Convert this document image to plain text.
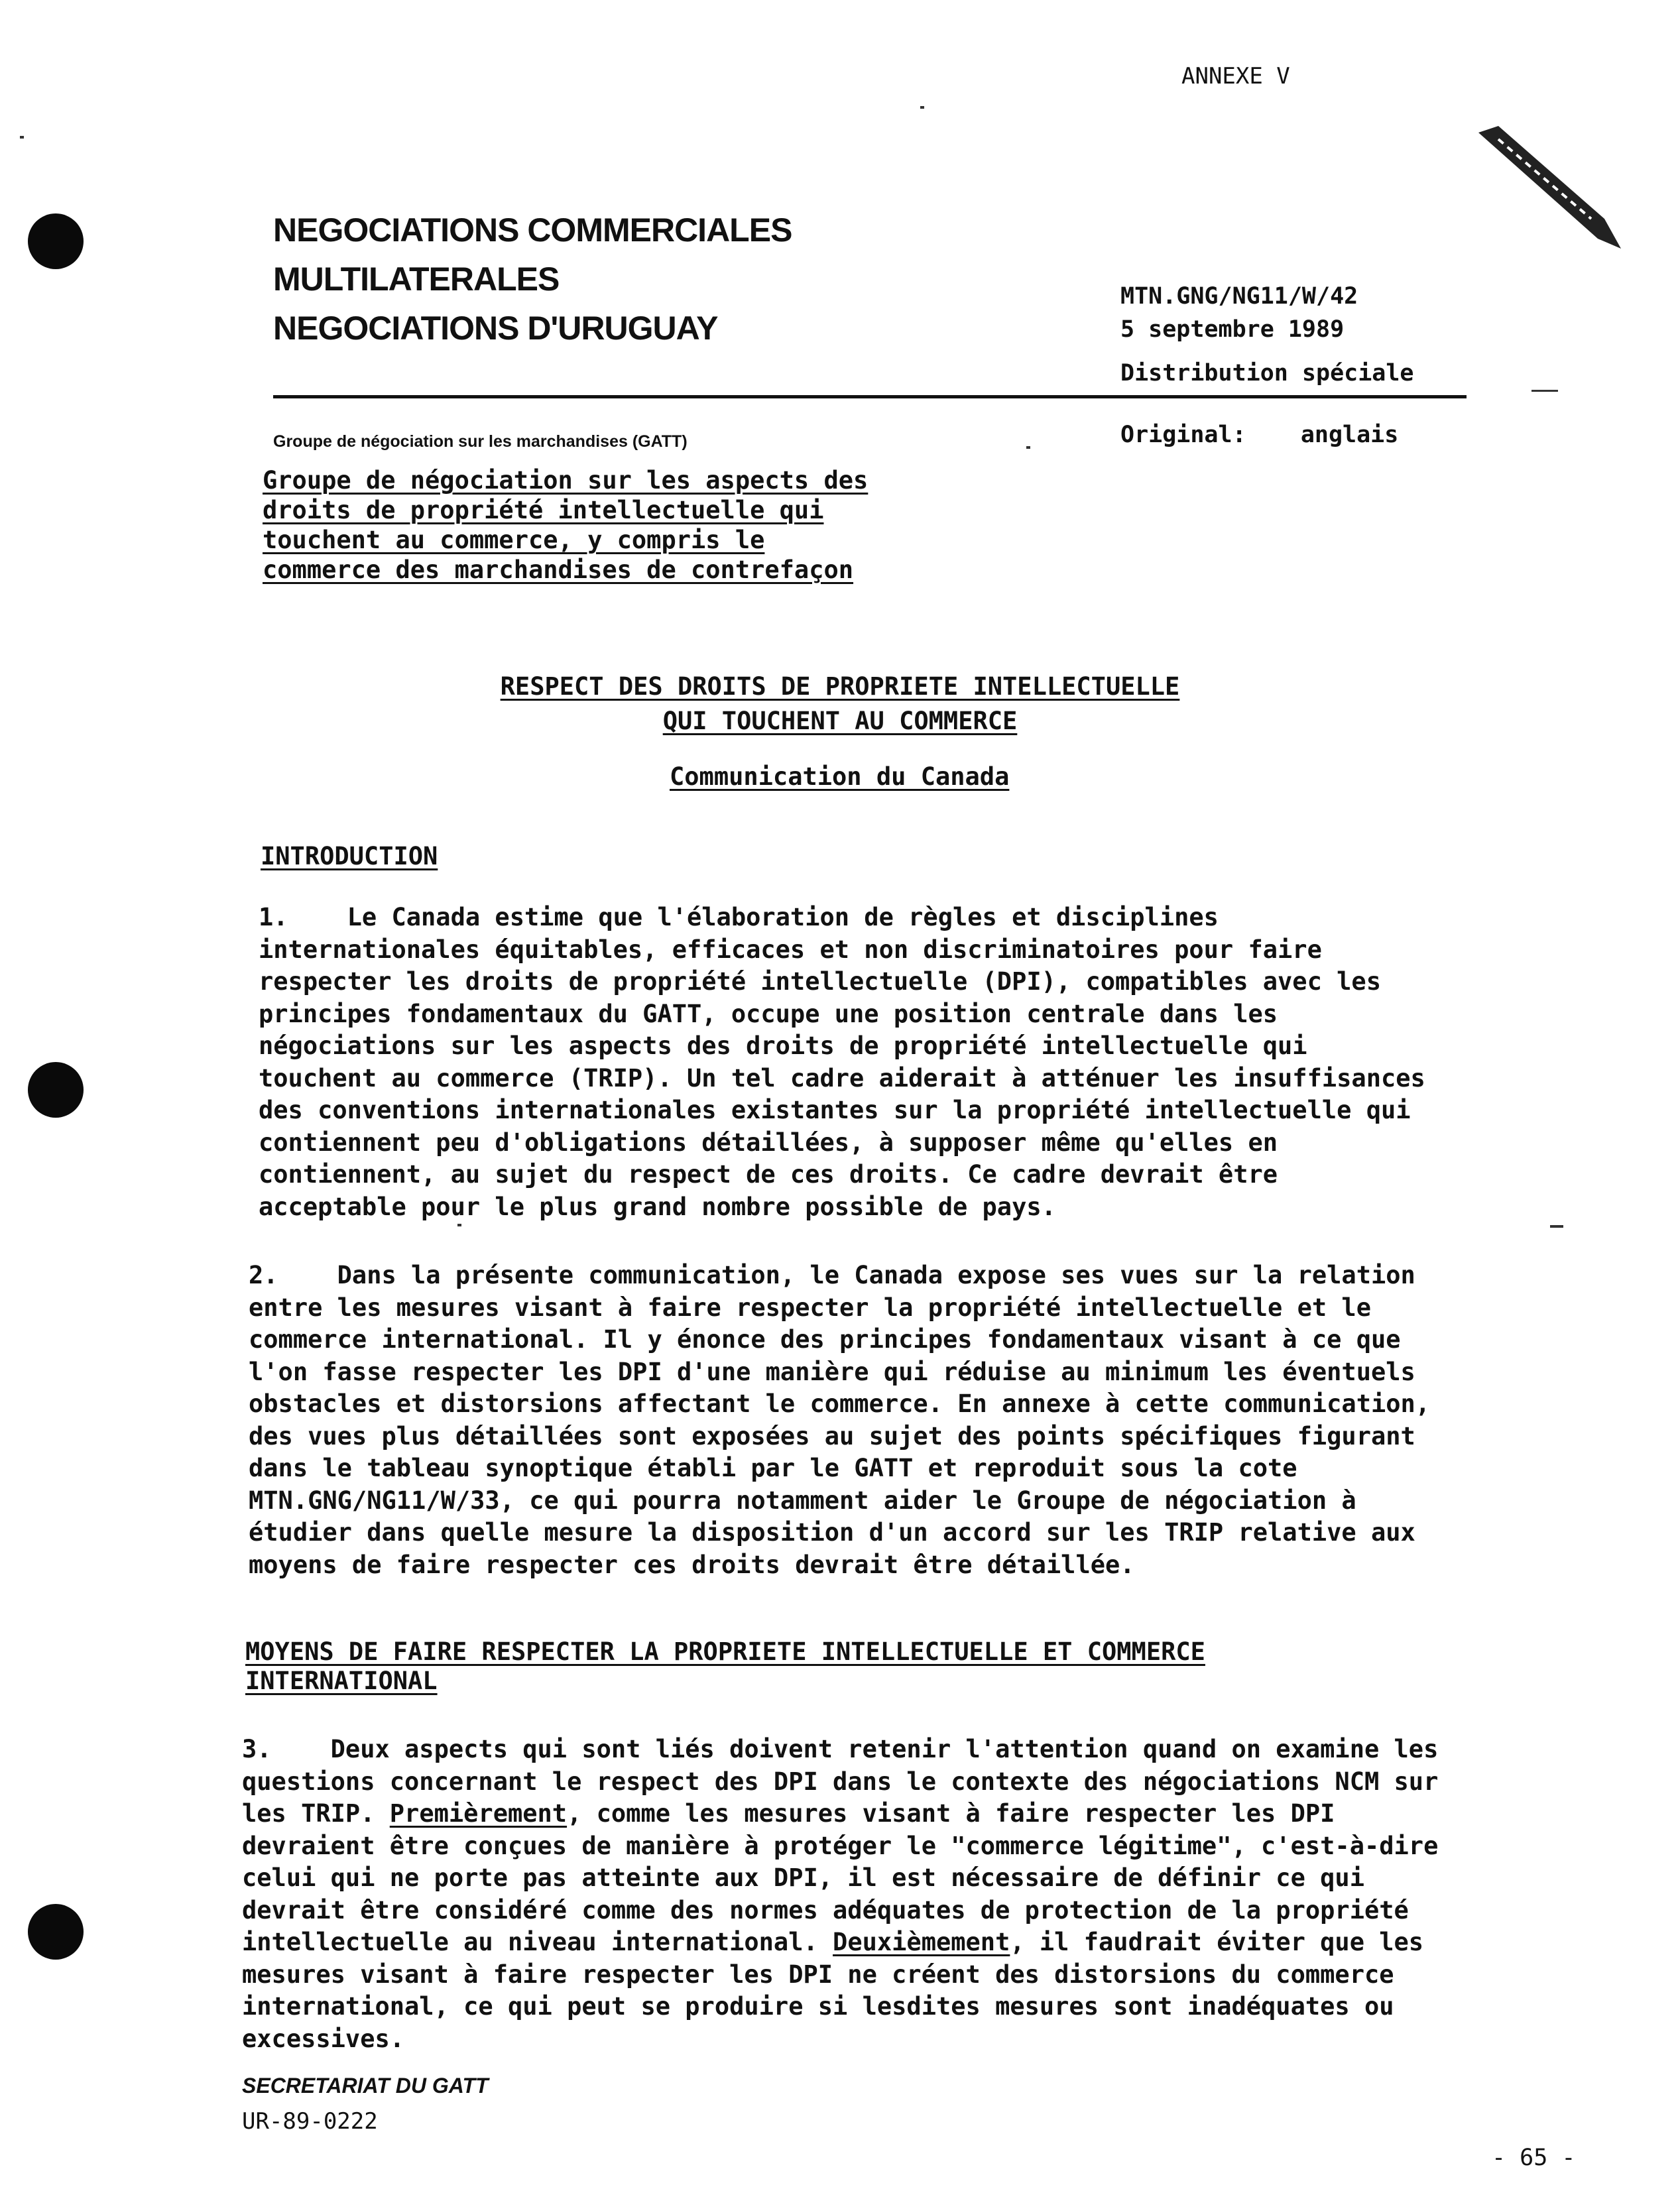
ANNEXE V
NEGOCIATIONS COMMERCIALES
MULTILATERALES
NEGOCIATIONS D'URUGUAY
MTN.GNG/NG11/W/42
5 septembre 1989
Distribution spéciale
Original: anglais
Groupe de négociation sur les marchandises (GATT)
Groupe de négociation sur les aspects des
droits de propriété intellectuelle qui
touchent au commerce, y compris le
commerce des marchandises de contrefaçon
RESPECT DES DROITS DE PROPRIETE INTELLECTUELLE
QUI TOUCHENT AU COMMERCE
Communication du Canada
INTRODUCTION

1.    Le Canada estime que l'élaboration de règles et disciplines internationales équitables, efficaces et non discriminatoires pour faire respecter les droits de propriété intellectuelle (DPI), compatibles avec les principes fondamentaux du GATT, occupe une position centrale dans les négociations sur les aspects des droits de propriété intellectuelle qui touchent au commerce (TRIP). Un tel cadre aiderait à atténuer les insuffisances des conventions internationales existantes sur la propriété intellectuelle qui contiennent peu d'obligations détaillées, à supposer même qu'elles en contiennent, au sujet du respect de ces droits. Ce cadre devrait être acceptable pour le plus grand nombre possible de pays.

2.    Dans la présente communication, le Canada expose ses vues sur la relation entre les mesures visant à faire respecter la propriété intellectuelle et le commerce international. Il y énonce des principes fondamentaux visant à ce que l'on fasse respecter les DPI d'une manière qui réduise au minimum les éventuels obstacles et distorsions affectant le commerce. En annexe à cette communication, des vues plus détaillées sont exposées au sujet des points spécifiques figurant dans le tableau synoptique établi par le GATT et reproduit sous la cote MTN.GNG/NG11/W/33, ce qui pourra notamment aider le Groupe de négociation à étudier dans quelle mesure la disposition d'un accord sur les TRIP relative aux moyens de faire respecter ces droits devrait être détaillée.

MOYENS DE FAIRE RESPECTER LA PROPRIETE INTELLECTUELLE ET COMMERCE
INTERNATIONAL

3.    Deux aspects qui sont liés doivent retenir l'attention quand on examine les questions concernant le respect des DPI dans le contexte des négociations NCM sur les TRIP. Premièrement, comme les mesures visant à faire respecter les DPI devraient être conçues de manière à protéger le "commerce légitime", c'est-à-dire celui qui ne porte pas atteinte aux DPI, il est nécessaire de définir ce qui devrait être considéré comme des normes adéquates de protection de la propriété intellectuelle au niveau international. Deuxièmement, il faudrait éviter que les mesures visant à faire respecter les DPI ne créent des distorsions du commerce international, ce qui peut se produire si lesdites mesures sont inadéquates ou excessives.

SECRETARIAT DU GATT
UR-89-0222
- 65 -
